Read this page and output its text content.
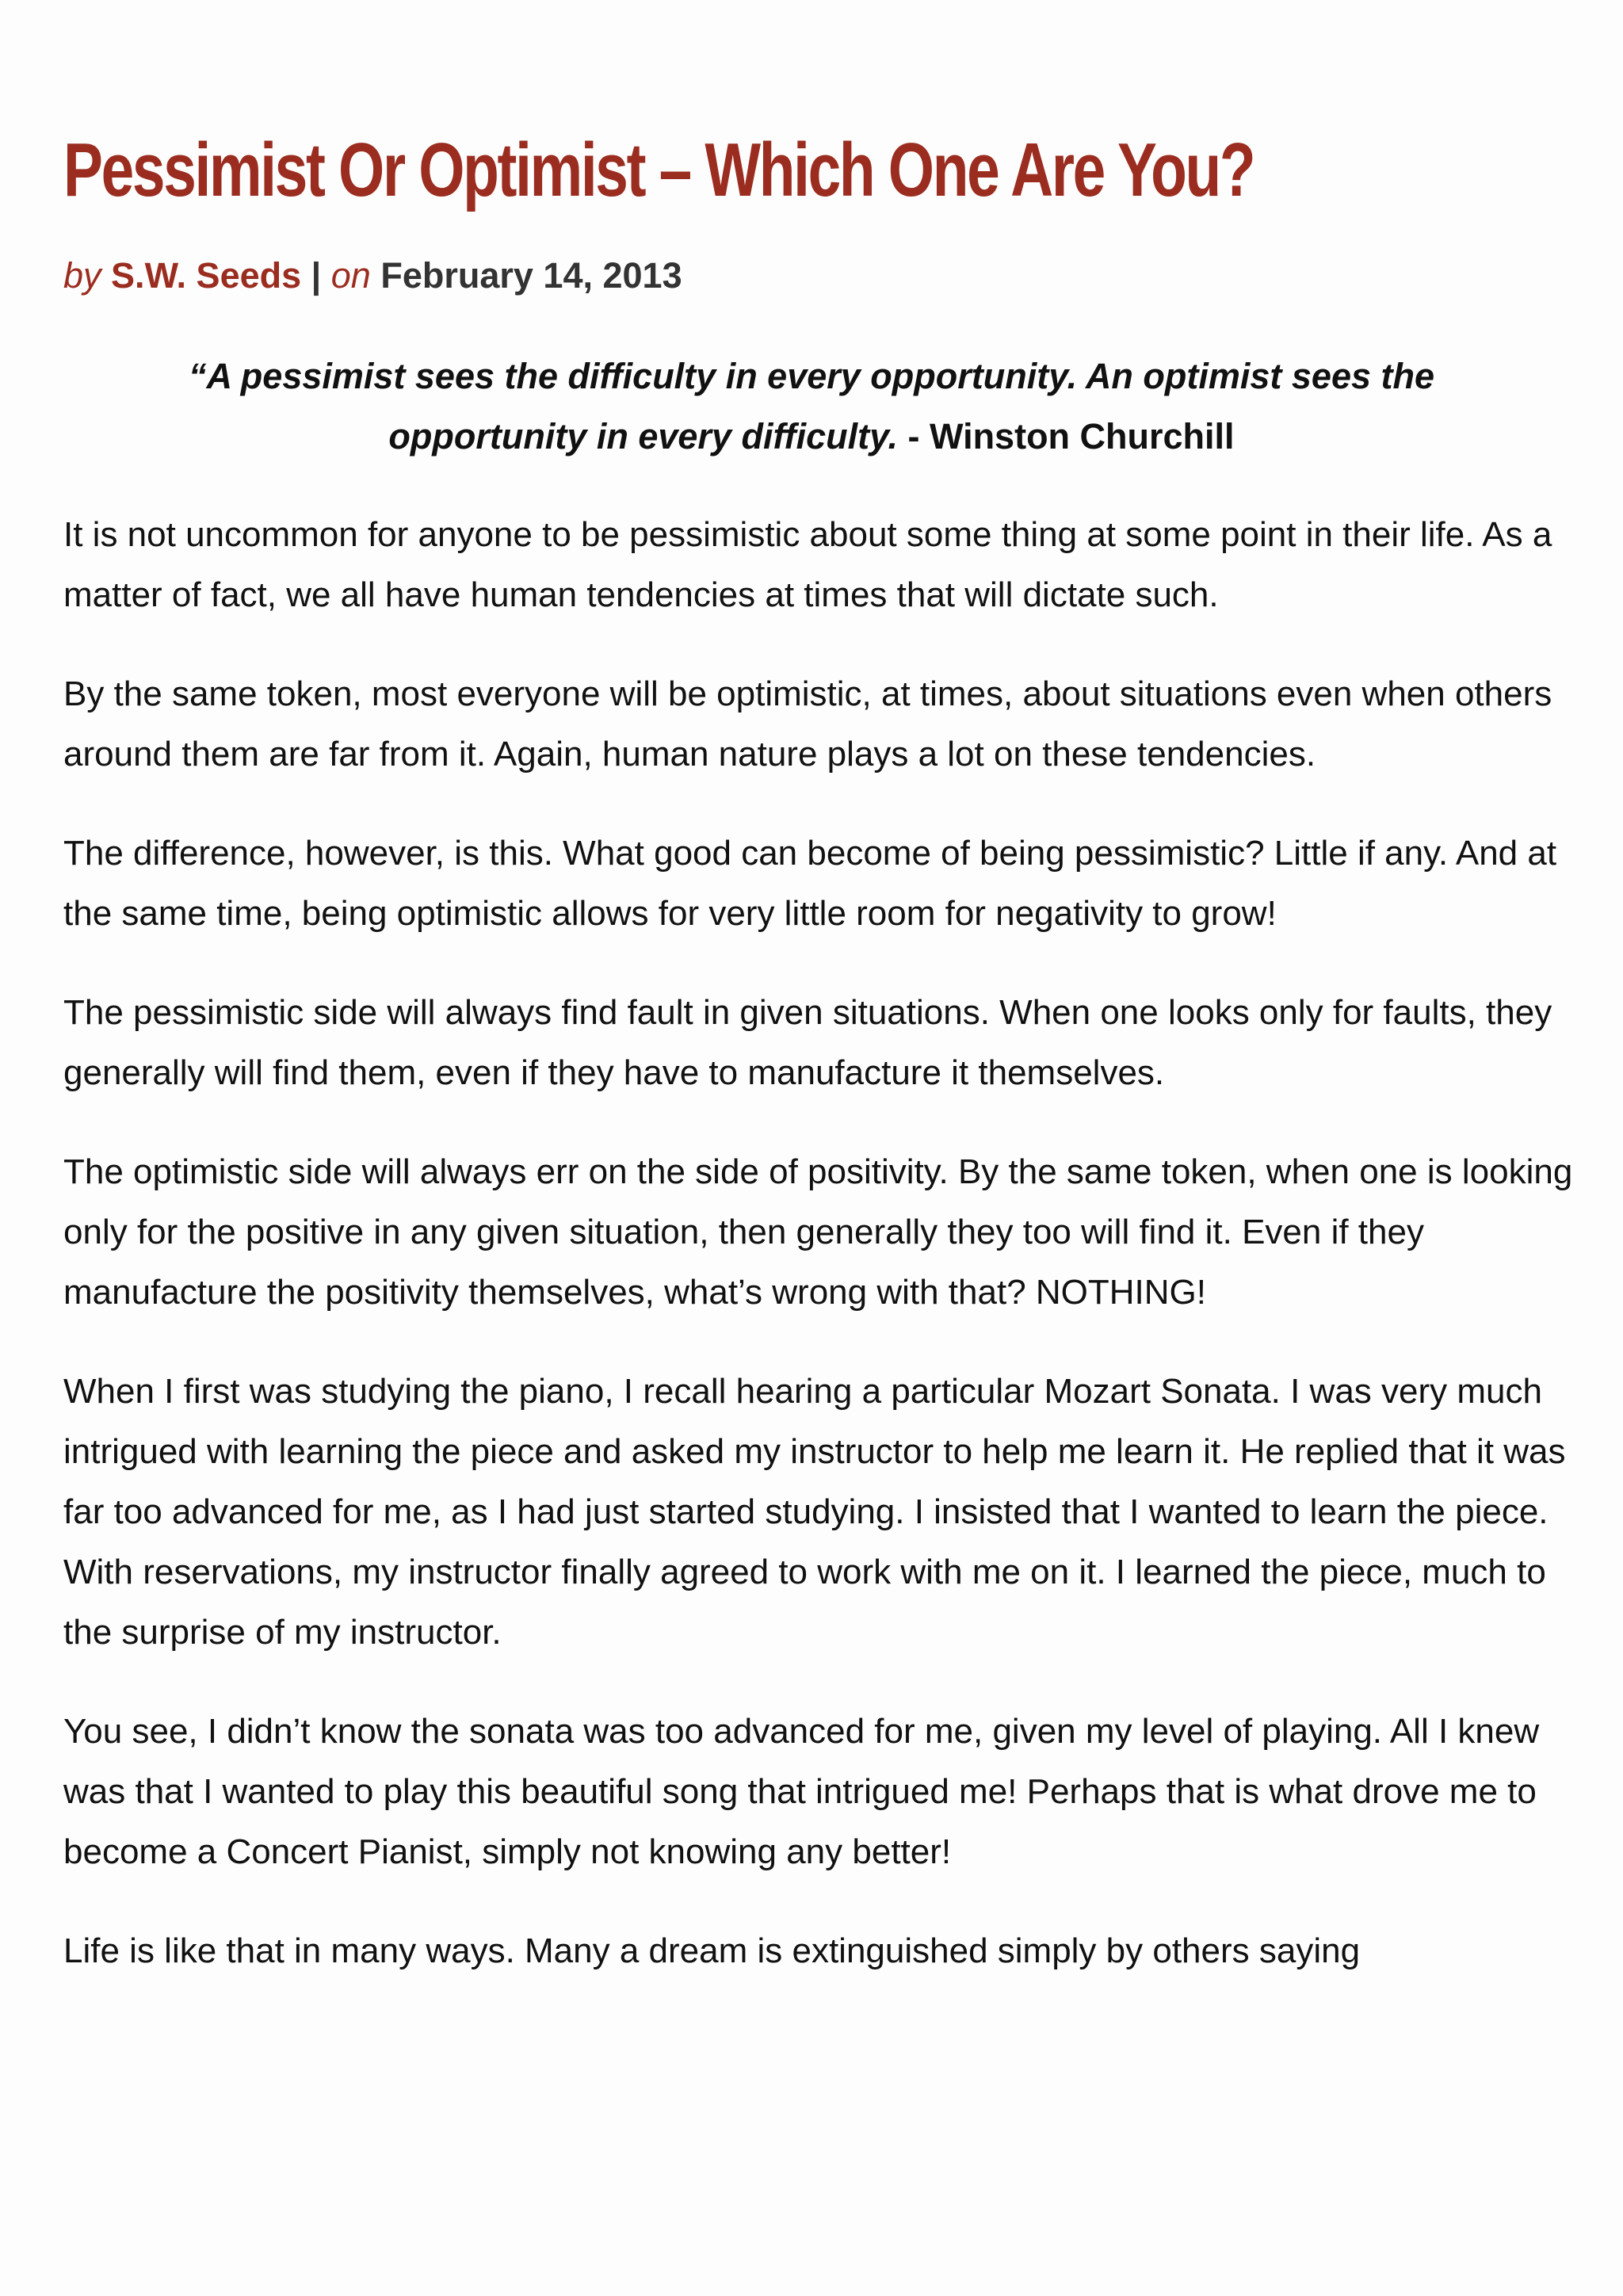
Pessimist Or Optimist – Which One Are You?
by S.W. Seeds | on February 14, 2013
“A pessimist sees the difficulty in every opportunity. An optimist sees the
opportunity in every difficulty. - Winston Churchill

It is not uncommon for anyone to be pessimistic about some thing at some point in their life. As a matter of fact, we all have human tendencies at times that will dictate such.

By the same token, most everyone will be optimistic, at times, about situations even when others around them are far from it. Again, human nature plays a lot on these tendencies.

The difference, however, is this. What good can become of being pessimistic? Little if any. And at the same time, being optimistic allows for very little room for negativity to grow!

The pessimistic side will always find fault in given situations. When one looks only for faults, they generally will find them, even if they have to manufacture it themselves.

The optimistic side will always err on the side of positivity. By the same token, when one is looking only for the positive in any given situation, then generally they too will find it. Even if they manufacture the positivity themselves, what’s wrong with that? NOTHING!

When I first was studying the piano, I recall hearing a particular Mozart Sonata. I was very much intrigued with learning the piece and asked my instructor to help me learn it. He replied that it was far too advanced for me, as I had just started studying. I insisted that I wanted to learn the piece. With reservations, my instructor finally agreed to work with me on it. I learned the piece, much to the surprise of my instructor.

You see, I didn’t know the sonata was too advanced for me, given my level of playing. All I knew was that I wanted to play this beautiful song that intrigued me! Perhaps that is what drove me to become a Concert Pianist, simply not knowing any better!

Life is like that in many ways. Many a dream is extinguished simply by others saying
